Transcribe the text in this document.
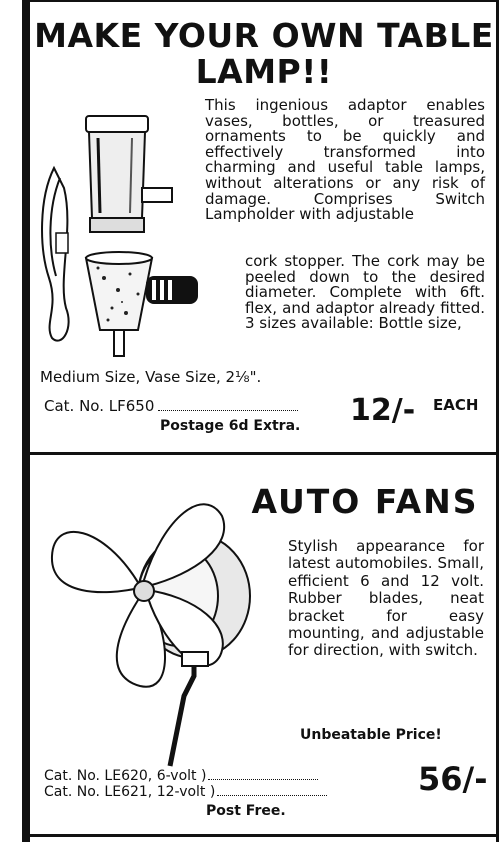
MAKE YOUR OWN TABLE LAMP!!
This ingenious adaptor enables vases, bottles, or treasured ornaments to be quickly and effectively transformed into charming and useful table lamps, without alterations or any risk of damage. Comprises Switch Lampholder with adjustable
cork stopper. The cork may be peeled down to the desired diameter. Complete with 6ft. flex, and adaptor already fitted. 3 sizes available: Bottle size,
Medium Size, Vase Size, 2⅛".
Cat. No. LF650	12/- EACH
Postage 6d Extra.
AUTO FANS
Stylish appearance for latest automobiles. Small, efficient 6 and 12 volt. Rubber blades, neat bracket for easy mounting, and adjustable for direction, with switch.
Unbeatable Price!
Cat. No. LE620, 6-volt )
Cat. No. LE621, 12-volt )	56/-
Post Free.
